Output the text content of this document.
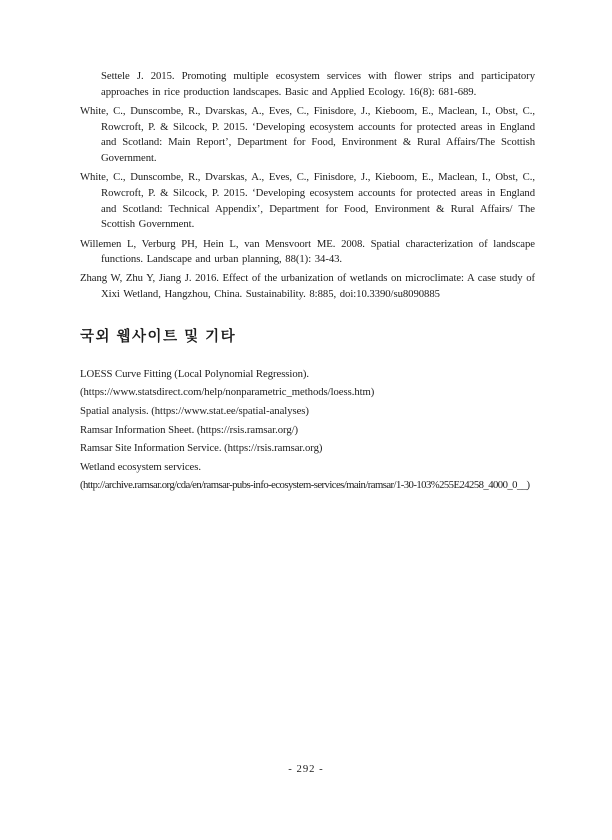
Settele J. 2015. Promoting multiple ecosystem services with flower strips and participatory approaches in rice production landscapes. Basic and Applied Ecology. 16(8): 681-689.

White, C., Dunscombe, R., Dvarskas, A., Eves, C., Finisdore, J., Kieboom, E., Maclean, I., Obst, C., Rowcroft, P. & Silcock, P. 2015. ‘Developing ecosystem accounts for protected areas in England and Scotland: Main Report’, Department for Food, Environment & Rural Affairs/The Scottish Government.

White, C., Dunscombe, R., Dvarskas, A., Eves, C., Finisdore, J., Kieboom, E., Maclean, I., Obst, C., Rowcroft, P. & Silcock, P. 2015. ‘Developing ecosystem accounts for protected areas in England and Scotland: Technical Appendix’, Department for Food, Environment & Rural Affairs/ The Scottish Government.

Willemen L, Verburg PH, Hein L, van Mensvoort ME. 2008. Spatial characterization of landscape functions. Landscape and urban planning, 88(1): 34-43.

Zhang W, Zhu Y, Jiang J. 2016. Effect of the urbanization of wetlands on microclimate: A case study of Xixi Wetland, Hangzhou, China. Sustainability. 8:885, doi:10.3390/su8090885

국외 웹사이트 및 기타
LOESS Curve Fitting (Local Polynomial Regression).
(https://www.statsdirect.com/help/nonparametric_methods/loess.htm)
Spatial analysis. (https://www.stat.ee/spatial-analyses)
Ramsar Information Sheet. (https://rsis.ramsar.org/)
Ramsar Site Information Service. (https://rsis.ramsar.org)
Wetland ecosystem services.
(http://archive.ramsar.org/cda/en/ramsar-pubs-info-ecosystem-services/main/ramsar/1-30-103%255E24258_4000_0__)
- 292 -
